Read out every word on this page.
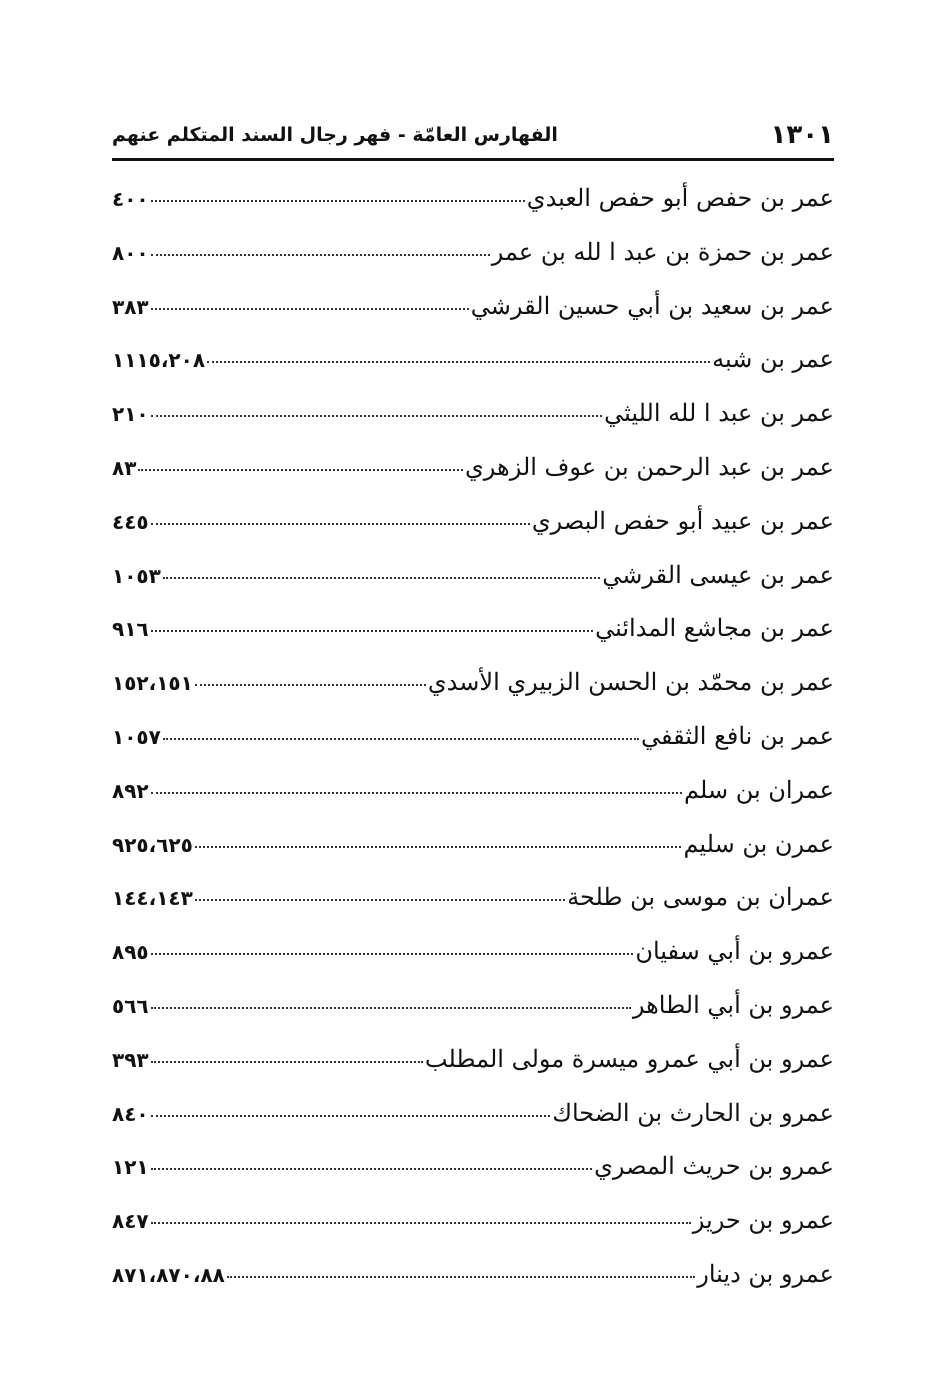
١٣٠١
الفهارس العامّة - فهر رجال السند المتكلم عنهم
عمر بن حفص أبو حفص العبدي
٤٠٠
عمر بن حمزة بن عبد ا لله بن عمر
٨٠٠
عمر بن سعيد بن أبي حسين القرشي
٣٨٣
عمر بن شبه
١١١٥،٢٠٨
عمر بن عبد ا لله الليثي
٢١٠
عمر بن عبد الرحمن بن عوف الزهري
٨٣
عمر بن عبيد أبو حفص البصري
٤٤٥
عمر بن عيسى القرشي
١٠٥٣
عمر بن مجاشع المدائني
٩١٦
عمر بن محمّد بن الحسن الزبيري الأسدي
١٥٢،١٥١
عمر بن نافع الثقفي
١٠٥٧
عمران بن سلم
٨٩٢
عمرن بن سليم
٩٢٥،٦٢٥
عمران بن موسى بن طلحة
١٤٤،١٤٣
عمرو بن أبي سفيان
٨٩٥
عمرو بن أبي الطاهر
٥٦٦
عمرو بن أبي عمرو ميسرة مولى المطلب
٣٩٣
عمرو بن الحارث بن الضحاك
٨٤٠
عمرو بن حريث المصري
١٢١
عمرو بن حريز
٨٤٧
عمرو بن دينار
٨٧١،٨٧٠،٨٨
